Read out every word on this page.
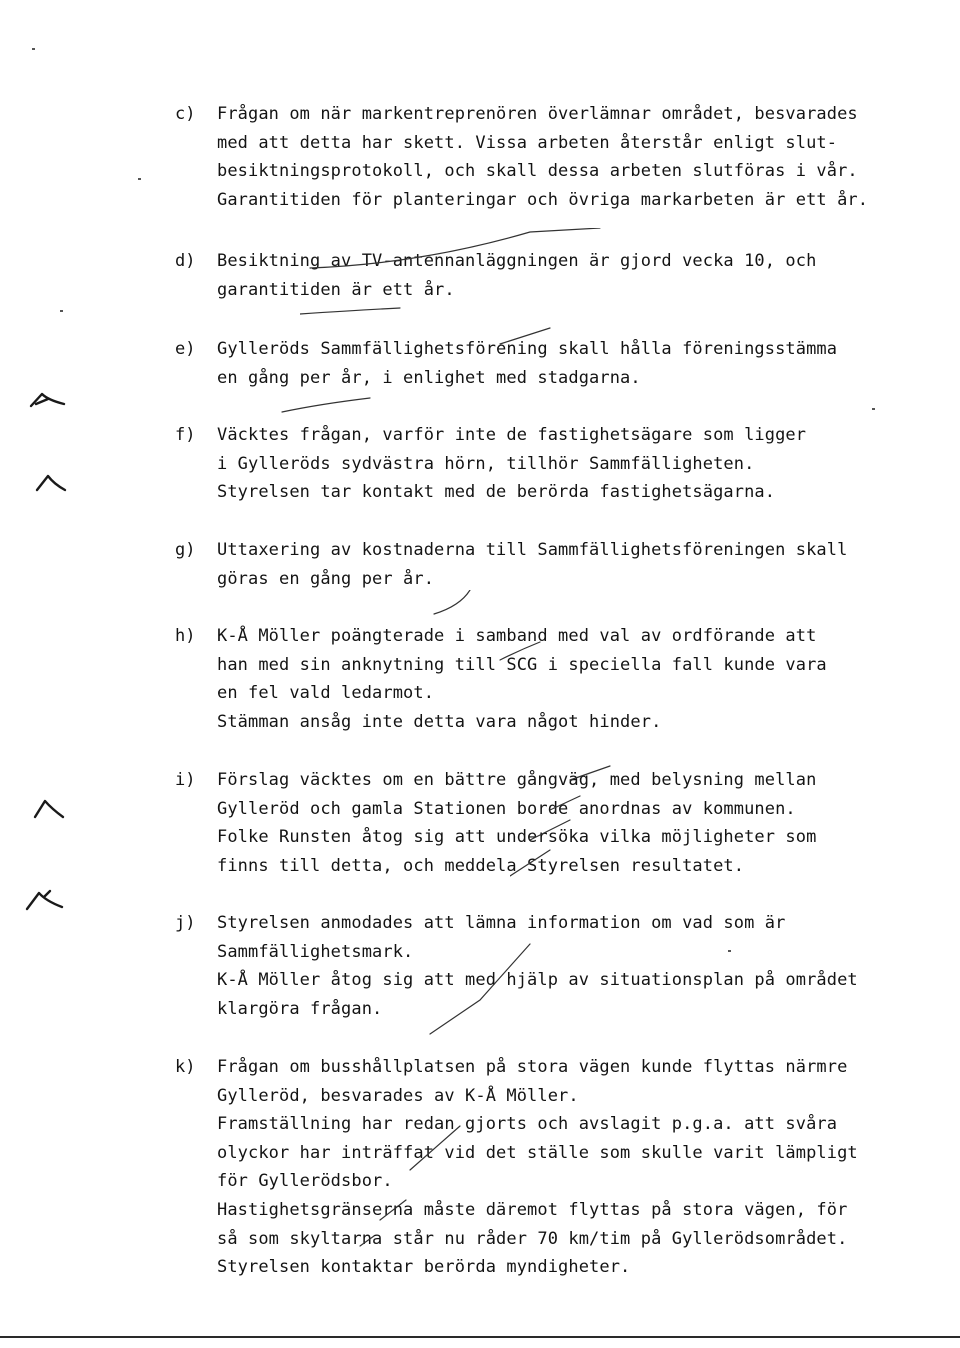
c) Frågan om när markentreprenören överlämnar området, besvarades
med att detta har skett. Vissa arbeten återstår enligt slut-
besiktningsprotokoll, och skall dessa arbeten slutföras i vår.
Garantitiden för planteringar och övriga markarbeten är ett år.
d) Besiktning av TV-antennanläggningen är gjord vecka 10, och
garantitiden är ett år.
e) Gylleröds Sammfällighetsförening skall hålla föreningsstämma
en gång per år, i enlighet med stadgarna.
f) Väcktes frågan, varför inte de fastighetsägare som ligger
i Gylleröds sydvästra hörn, tillhör Sammfälligheten.
Styrelsen tar kontakt med de berörda fastighetsägarna.
g) Uttaxering av kostnaderna till Sammfällighetsföreningen skall
göras en gång per år.
h) K-Å Möller poängterade i samband med val av ordförande att
han med sin anknytning till SCG i speciella fall kunde vara
en fel vald ledarmot.
Stämman ansåg inte detta vara något hinder.
i) Förslag väcktes om en bättre gångväg, med belysning mellan
Gylleröd och gamla Stationen borde anordnas av kommunen.
Folke Runsten åtog sig att undersöka vilka möjligheter som
finns till detta, och meddela Styrelsen resultatet.
j) Styrelsen anmodades att lämna information om vad som är
Sammfällighetsmark.
K-Å Möller åtog sig att med hjälp av situationsplan på området
klargöra frågan.
k) Frågan om busshållplatsen på stora vägen kunde flyttas närmre
Gylleröd, besvarades av K-Å Möller.
Framställning har redan gjorts och avslagit p.g.a. att svåra
olyckor har inträffat vid det ställe som skulle varit lämpligt
för Gyllerödsbor.
Hastighetsgränserna måste däremot flyttas på stora vägen, för
så som skyltarna står nu råder 70 km/tim på Gyllerödsområdet.
Styrelsen kontaktar berörda myndigheter.
